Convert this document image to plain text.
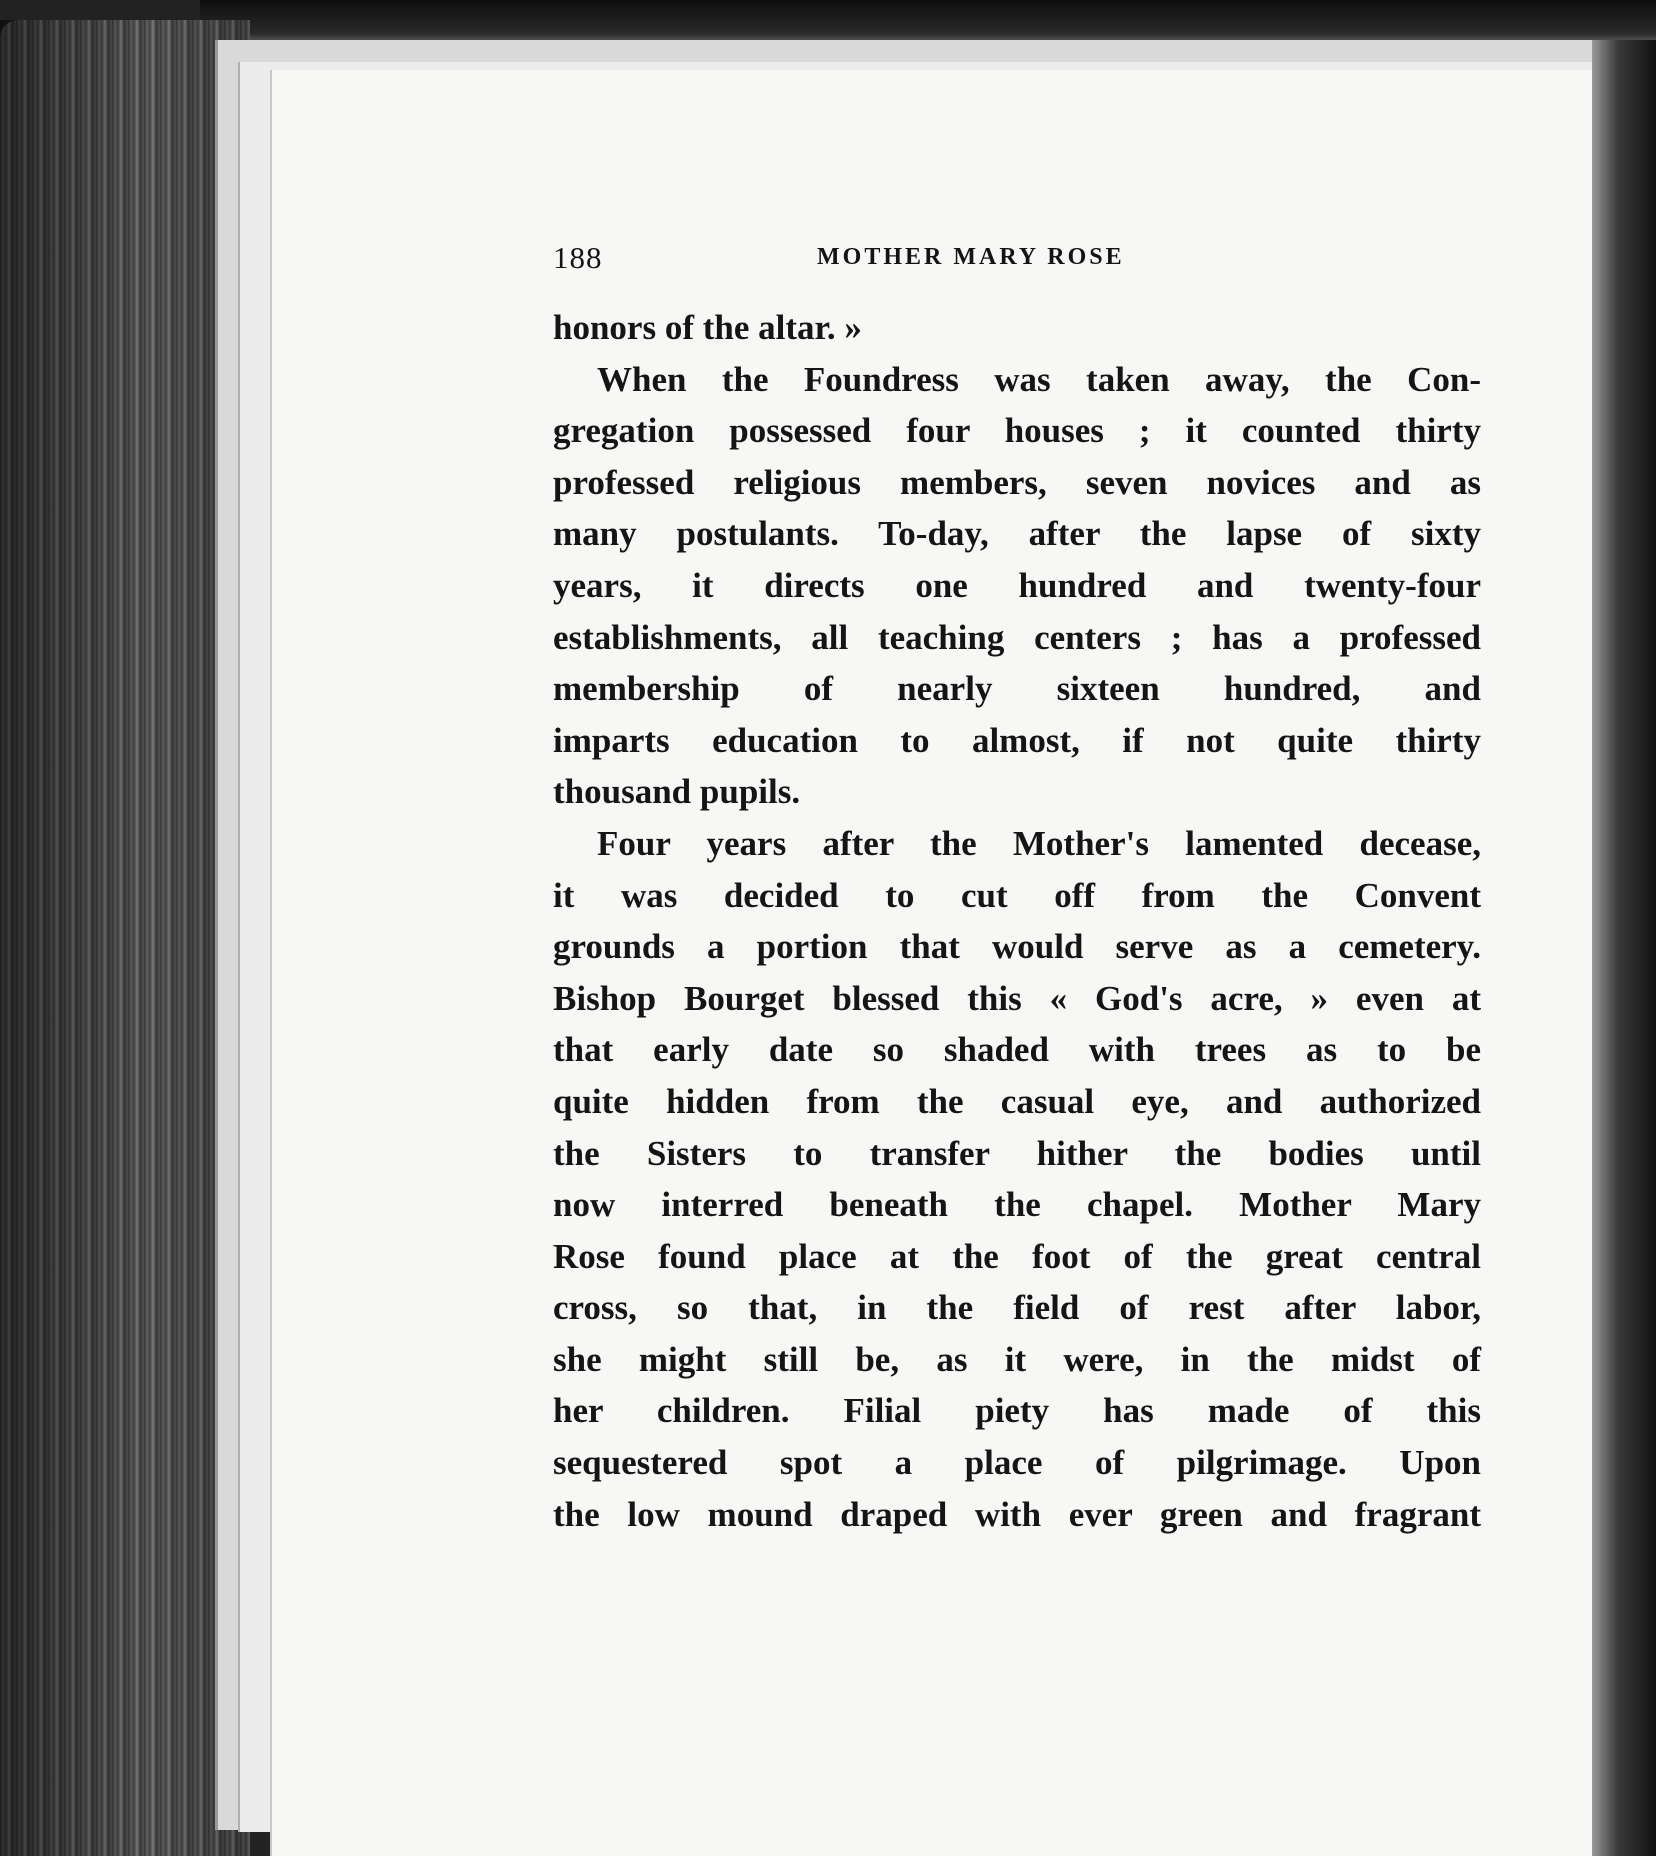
188	MOTHER MARY ROSE
honors of the altar. »
When the Foundress was taken away, the Con-
gregation possessed four houses ; it counted thirty
professed religious members, seven novices and as
many postulants. To-day, after the lapse of sixty
years, it directs one hundred and twenty-four
establishments, all teaching centers ; has a professed
membership of nearly sixteen hundred, and
imparts education to almost, if not quite thirty
thousand pupils.
Four years after the Mother's lamented decease,
it was decided to cut off from the Convent
grounds a portion that would serve as a cemetery.
Bishop Bourget blessed this « God's acre, » even at
that early date so shaded with trees as to be
quite hidden from the casual eye, and authorized
the Sisters to transfer hither the bodies until
now interred beneath the chapel. Mother Mary
Rose found place at the foot of the great central
cross, so that, in the field of rest after labor,
she might still be, as it were, in the midst of
her children. Filial piety has made of this
sequestered spot a place of pilgrimage. Upon
the low mound draped with ever green and fragrant
